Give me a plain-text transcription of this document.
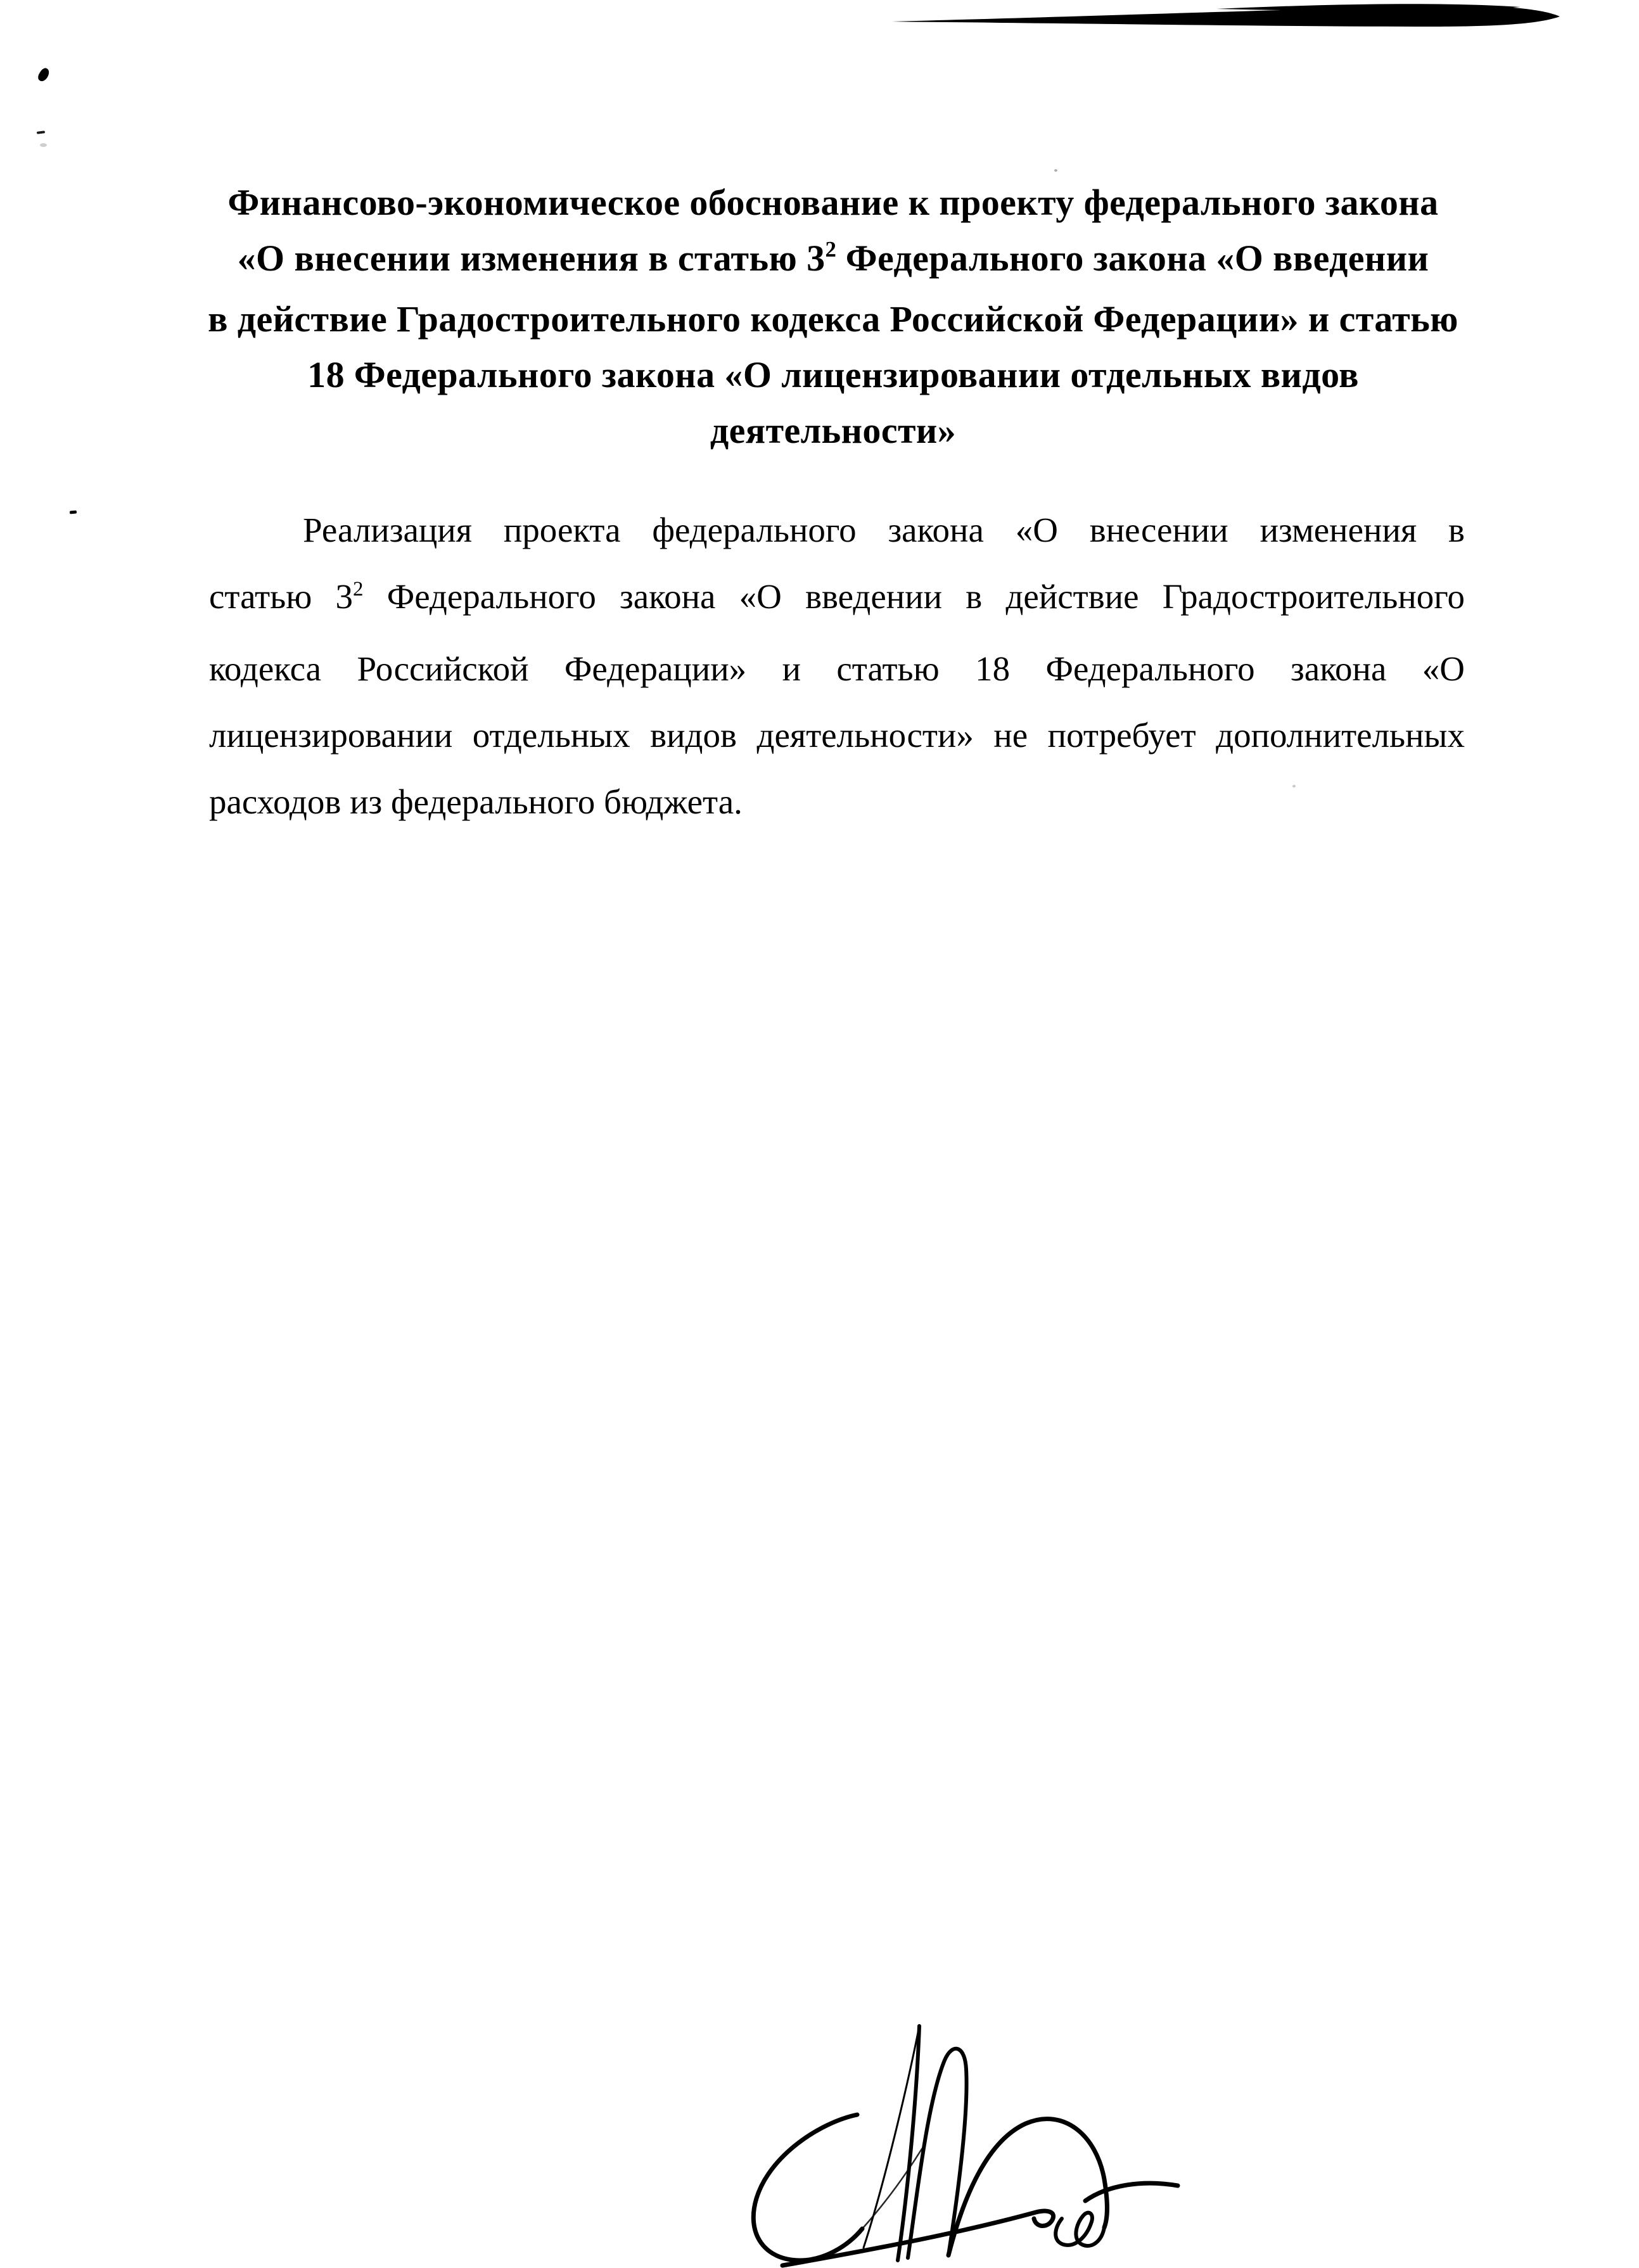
Финансово-экономическое обоснование к проекту федерального закона
«О внесении изменения в статью $3^2$ Федерального закона «О введении
в действие Градостроительного кодекса Российской Федерации» и статью
18 Федерального закона «О лицензировании отдельных видов
деятельности»
Реализация проекта федерального закона «О внесении изменения в
статью $3^2$ Федерального закона «О введении в действие Градостроительного
кодекса Российской Федерации» и статью 18 Федерального закона «О
лицензировании отдельных видов деятельности» не потребует дополнительных
расходов из федерального бюджета.
